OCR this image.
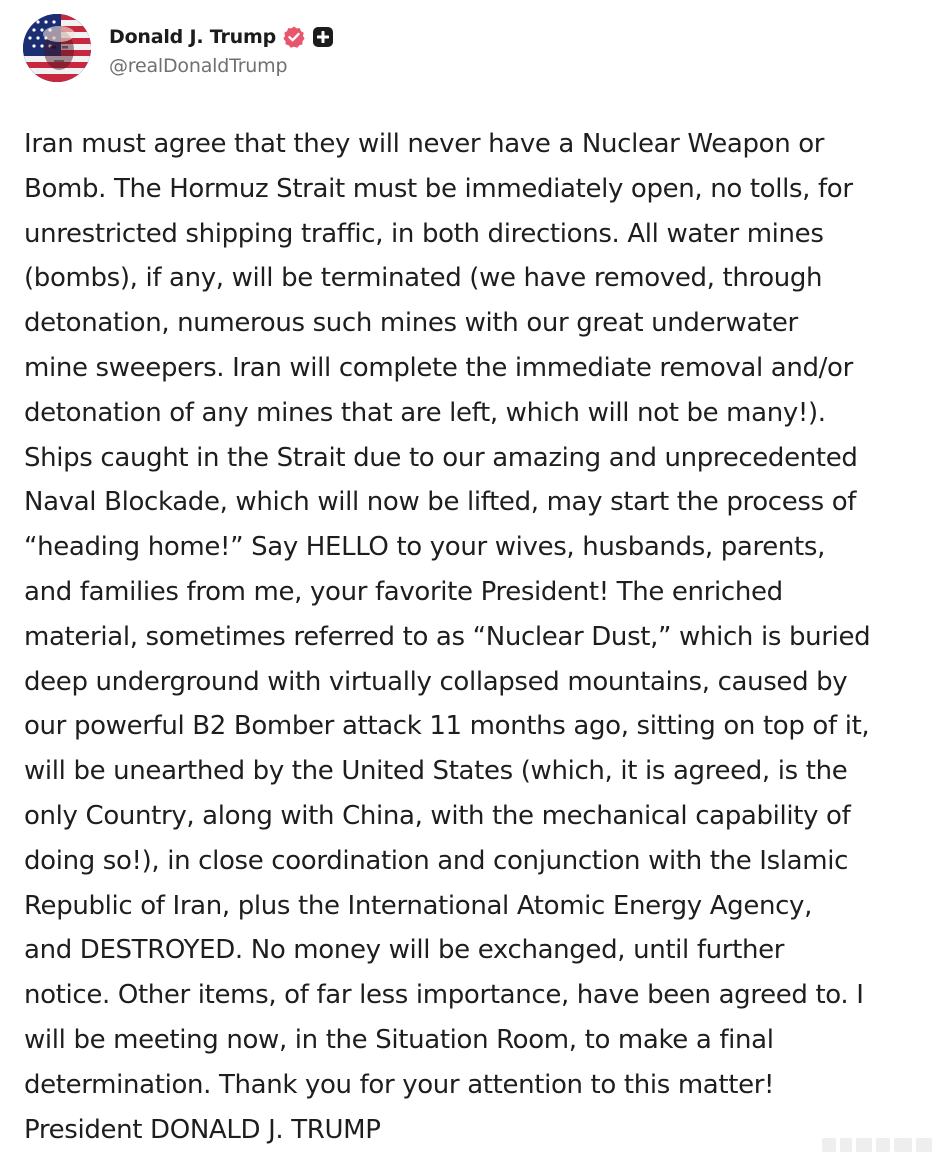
Donald J. Trump
@realDonaldTrump
Iran must agree that they will never have a Nuclear Weapon or
Bomb. The Hormuz Strait must be immediately open, no tolls, for
unrestricted shipping traffic, in both directions. All water mines
(bombs), if any, will be terminated (we have removed, through
detonation, numerous such mines with our great underwater
mine sweepers. Iran will complete the immediate removal and/or
detonation of any mines that are left, which will not be many!).
Ships caught in the Strait due to our amazing and unprecedented
Naval Blockade, which will now be lifted, may start the process of
“heading home!” Say HELLO to your wives, husbands, parents,
and families from me, your favorite President! The enriched
material, sometimes referred to as “Nuclear Dust,” which is buried
deep underground with virtually collapsed mountains, caused by
our powerful B2 Bomber attack 11 months ago, sitting on top of it,
will be unearthed by the United States (which, it is agreed, is the
only Country, along with China, with the mechanical capability of
doing so!), in close coordination and conjunction with the Islamic
Republic of Iran, plus the International Atomic Energy Agency,
and DESTROYED. No money will be exchanged, until further
notice. Other items, of far less importance, have been agreed to. I
will be meeting now, in the Situation Room, to make a final
determination. Thank you for your attention to this matter!
President DONALD J. TRUMP
